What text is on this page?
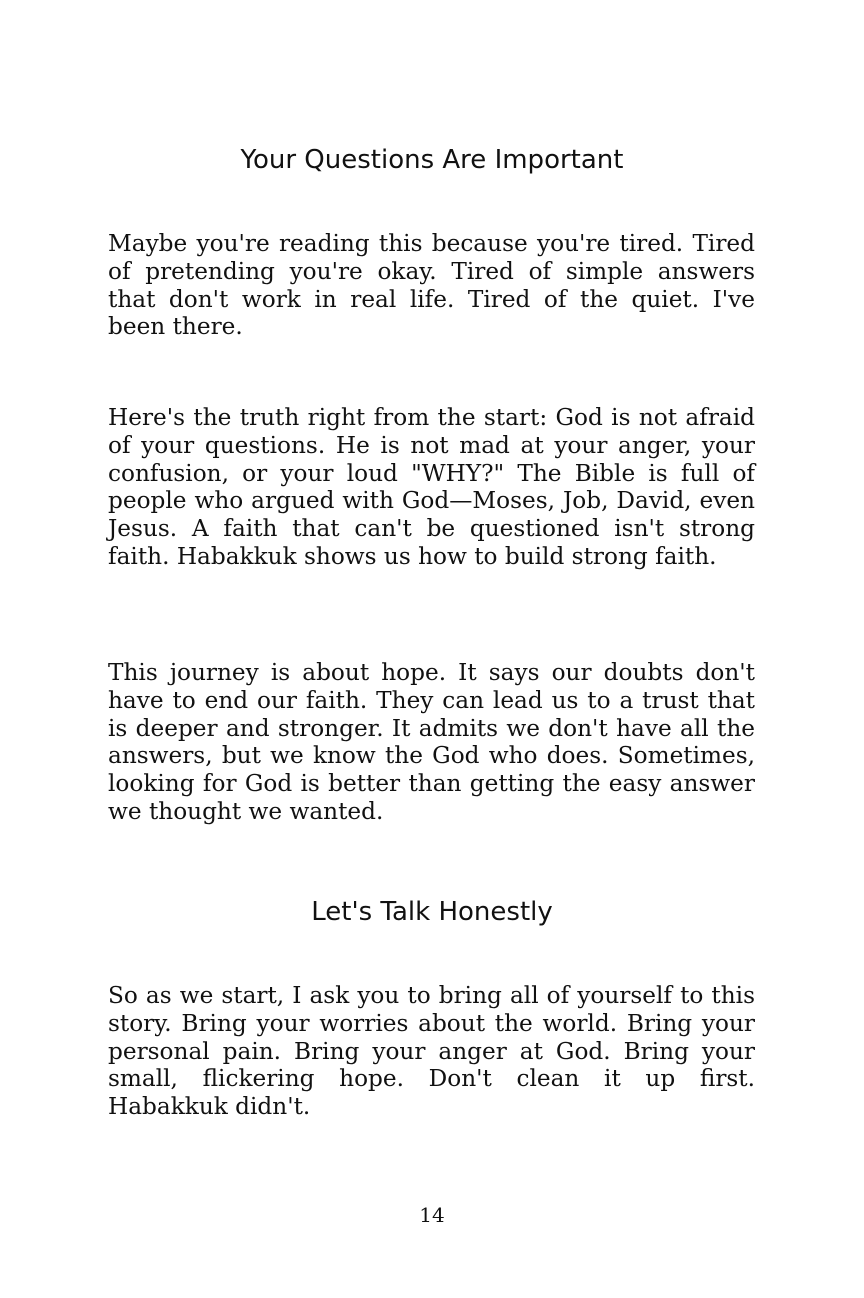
Your Questions Are Important

Maybe you're reading this because you're tired. Tired of pretending you're okay. Tired of simple answers that don't work in real life. Tired of the quiet. I've been there.

Here's the truth right from the start: God is not afraid of your questions. He is not mad at your anger, your confusion, or your loud "WHY?" The Bible is full of people who argued with God—Moses, Job, David, even Jesus. A faith that can't be questioned isn't strong faith. Habakkuk shows us how to build strong faith.

This journey is about hope. It says our doubts don't have to end our faith. They can lead us to a trust that is deeper and stronger. It admits we don't have all the answers, but we know the God who does. Sometimes, looking for God is better than getting the easy answer we thought we wanted.

Let's Talk Honestly

So as we start, I ask you to bring all of yourself to this story. Bring your worries about the world. Bring your personal pain. Bring your anger at God. Bring your small, flickering hope. Don't clean it up first. Habakkuk didn't.

14
